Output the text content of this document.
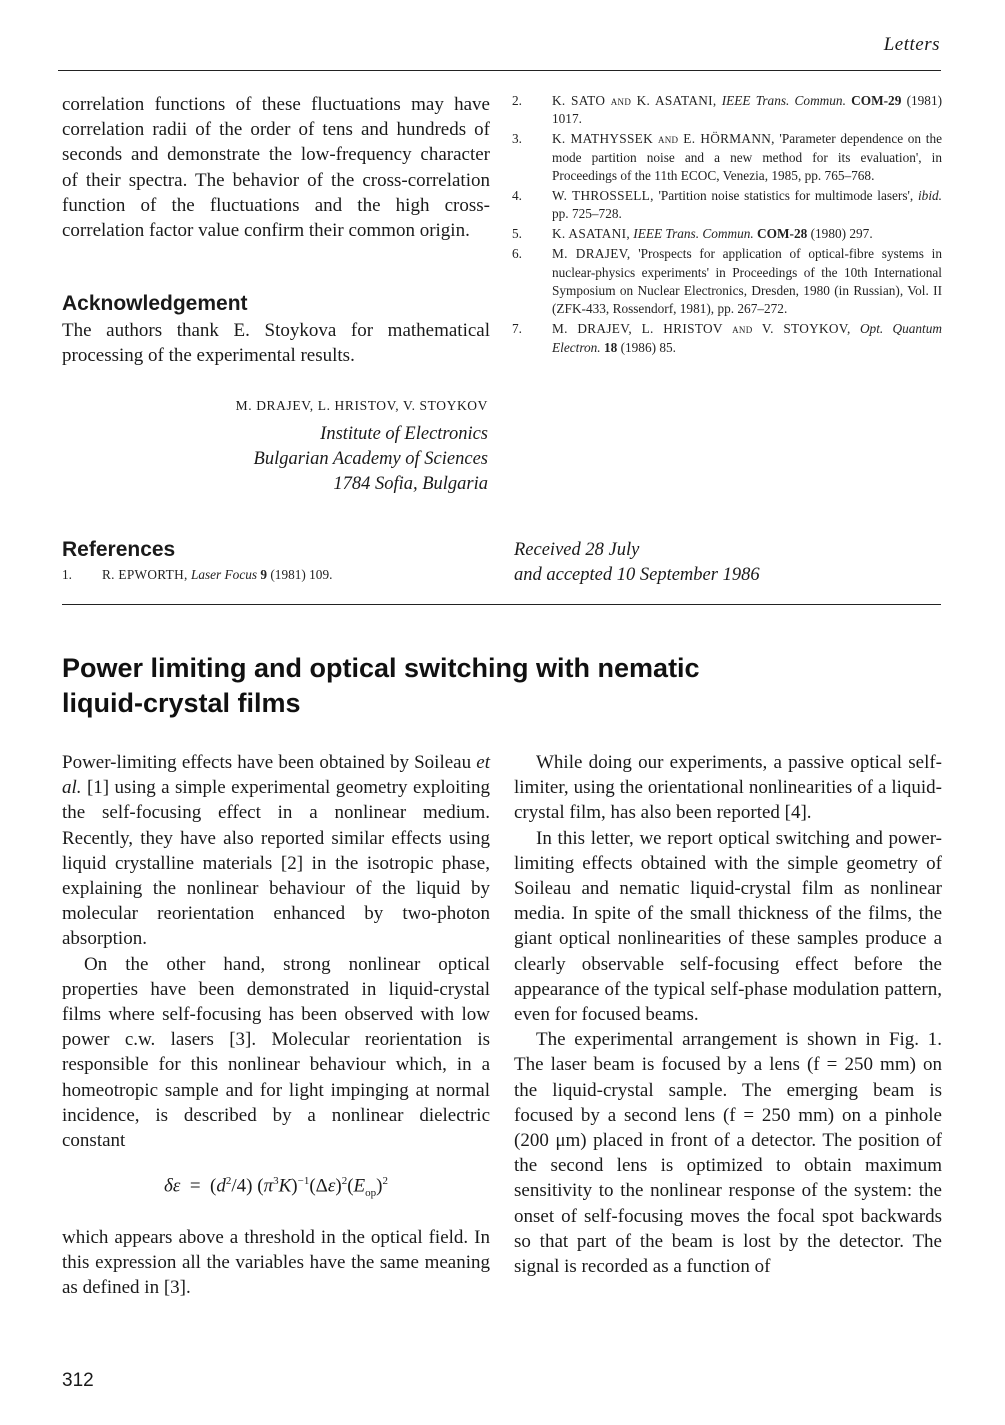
Letters

correlation functions of these fluctuations may have correlation radii of the order of tens and hundreds of seconds and demonstrate the low-frequency character of their spectra. The behavior of the cross-correlation function of the fluctuations and the high cross-correlation factor value confirm their common origin.

Acknowledgement

The authors thank E. Stoykova for mathematical processing of the experimental results.

M. DRAJEV, L. HRISTOV, V. STOYKOV
Institute of Electronics
Bulgarian Academy of Sciences
1784 Sofia, Bulgaria
References
1.	R. EPWORTH, Laser Focus 9 (1981) 109.
2.	K. SATO and K. ASATANI, IEEE Trans. Commun. COM-29 (1981) 1017.
3.	K. MATHYSSEK and E. HÖRMANN, 'Parameter dependence on the mode partition noise and a new method for its evaluation', in Proceedings of the 11th ECOC, Venezia, 1985, pp. 765–768.
4.	W. THROSSELL, 'Partition noise statistics for multimode lasers', ibid. pp. 725–728.
5.	K. ASATANI, IEEE Trans. Commun. COM-28 (1980) 297.
6.	M. DRAJEV, 'Prospects for application of optical-fibre systems in nuclear-physics experiments' in Proceedings of the 10th International Symposium on Nuclear Electronics, Dresden, 1980 (in Russian), Vol. II (ZFK-433, Rossendorf, 1981), pp. 267–272.
7.	M. DRAJEV, L. HRISTOV and V. STOYKOV, Opt. Quantum Electron. 18 (1986) 85.
Received 28 July
and accepted 10 September 1986
Power limiting and optical switching with nematic
liquid-crystal films

Power-limiting effects have been obtained by Soileau et al. [1] using a simple experimental geometry exploiting the self-focusing effect in a nonlinear medium. Recently, they have also reported similar effects using liquid crystalline materials [2] in the isotropic phase, explaining the nonlinear behaviour of the liquid by molecular reorientation enhanced by two-photon absorption.

On the other hand, strong nonlinear optical properties have been demonstrated in liquid-crystal films where self-focusing has been observed with low power c.w. lasers [3]. Molecular reorientation is responsible for this nonlinear behaviour which, in a homeotropic sample and for light impinging at normal incidence, is described by a nonlinear dielectric constant

$\delta\varepsilon = (d^2/4)$ $(\pi^3K)^{-1}(\Delta\varepsilon)^2(E_{op})^2$

which appears above a threshold in the optical field. In this expression all the variables have the same meaning as defined in [3].

While doing our experiments, a passive optical self-limiter, using the orientational nonlinearities of a liquid-crystal film, has also been reported [4].

In this letter, we report optical switching and power-limiting effects obtained with the simple geometry of Soileau and nematic liquid-crystal film as nonlinear media. In spite of the small thickness of the films, the giant optical nonlinearities of these samples produce a clearly observable self-focusing effect before the appearance of the typical self-phase modulation pattern, even for focused beams.

The experimental arrangement is shown in Fig. 1. The laser beam is focused by a lens (f = 250 mm) on the liquid-crystal sample. The emerging beam is focused by a second lens (f = 250 mm) on a pinhole (200 μm) placed in front of a detector. The position of the second lens is optimized to obtain maximum sensitivity to the nonlinear response of the system: the onset of self-focusing moves the focal spot backwards so that part of the beam is lost by the detector. The signal is recorded as a function of

312
